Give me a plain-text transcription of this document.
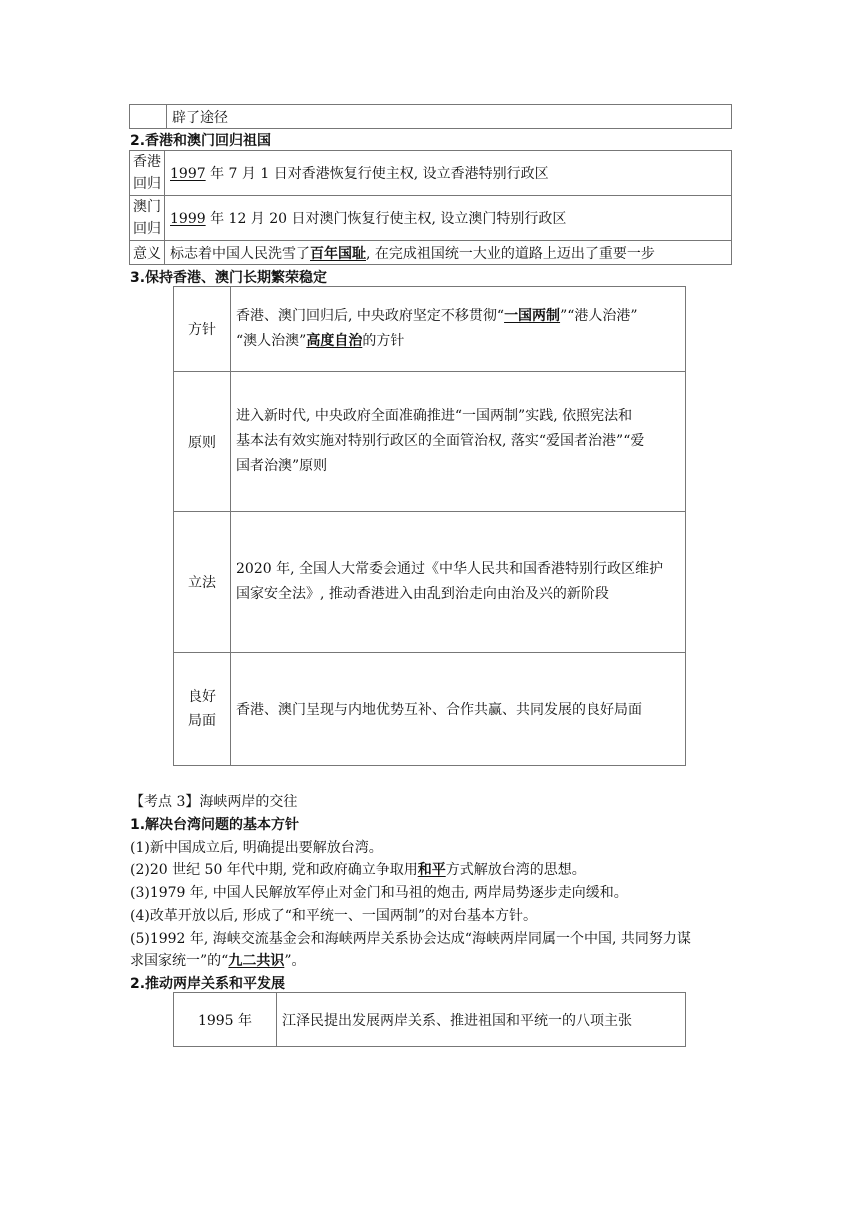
	辟了途径
2.香港和澳门回归祖国
香港回归	1997 年 7 月 1 日对香港恢复行使主权, 设立香港特别行政区
澳门回归	1999 年 12 月 20 日对澳门恢复行使主权, 设立澳门特别行政区
意义	标志着中国人民洗雪了百年国耻, 在完成祖国统一大业的道路上迈出了重要一步
3.保持香港、澳门长期繁荣稳定
方针	香港、澳门回归后, 中央政府坚定不移贯彻“一国两制”“港人治港”
“澳人治澳”高度自治的方针

原则	进入新时代, 中央政府全面准确推进“一国两制”实践, 依照宪法和
基本法有效实施对特别行政区的全面管治权, 落实“爱国者治港”“爱
国者治澳”原则

立法	2020 年, 全国人大常委会通过《中华人民共和国香港特别行政区维护
国家安全法》, 推动香港进入由乱到治走向由治及兴的新阶段

良好局面	香港、澳门呈现与内地优势互补、合作共赢、共同发展的良好局面
【考点 3】海峡两岸的交往
1.解决台湾问题的基本方针
(1)新中国成立后, 明确提出要解放台湾。
(2)20 世纪 50 年代中期, 党和政府确立争取用和平方式解放台湾的思想。
(3)1979 年, 中国人民解放军停止对金门和马祖的炮击, 两岸局势逐步走向缓和。
(4)改革开放以后, 形成了“和平统一、一国两制”的对台基本方针。
(5)1992 年, 海峡交流基金会和海峡两岸关系协会达成“海峡两岸同属一个中国, 共同努力谋
求国家统一”的“九二共识”。
2.推动两岸关系和平发展
1995 年	江泽民提出发展两岸关系、推进祖国和平统一的八项主张
